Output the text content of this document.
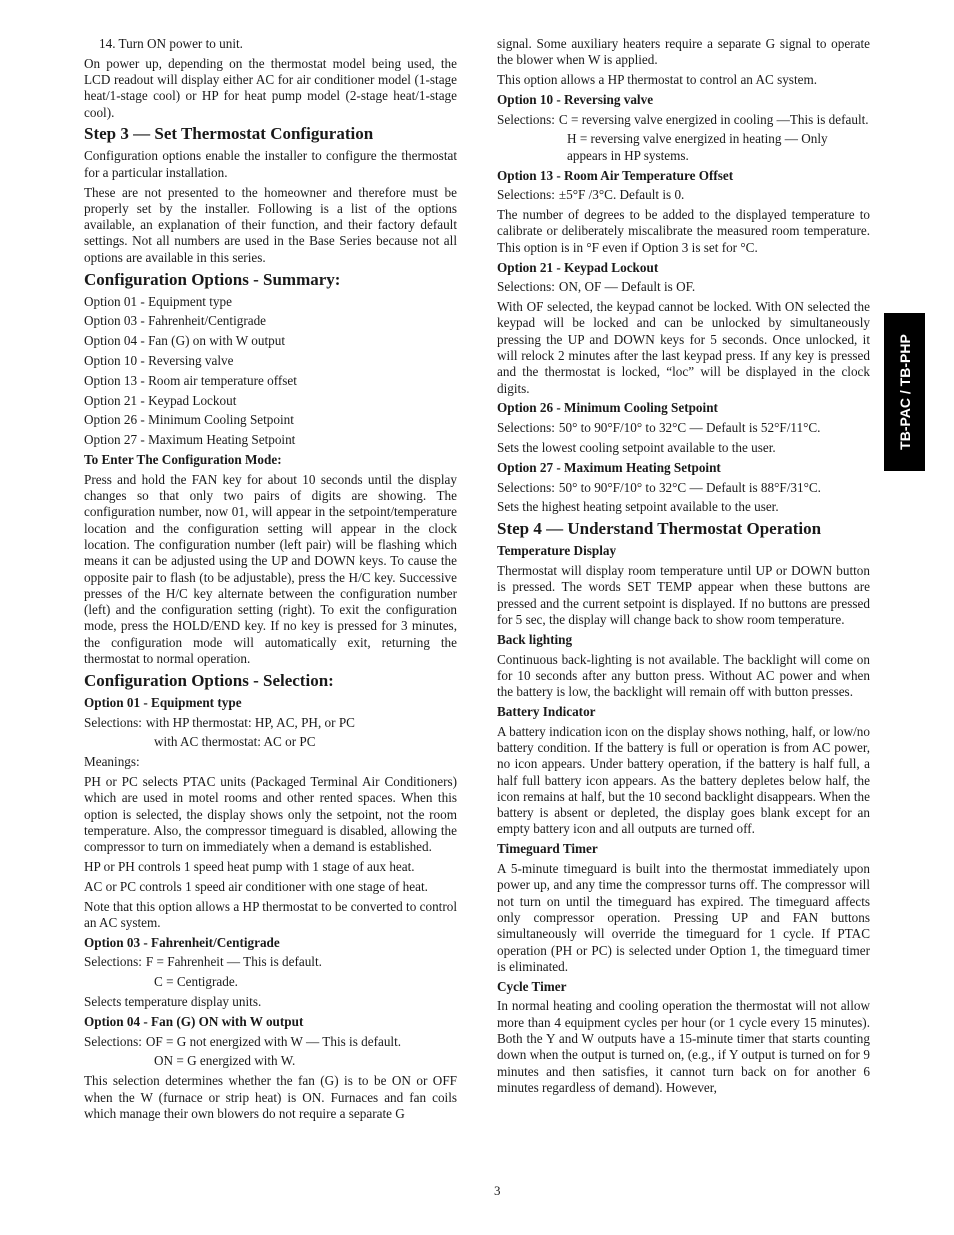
14. Turn ON power to unit.

On power up, depending on the thermostat model being used, the LCD readout will display either AC for air conditioner model (1‑stage heat/1‑stage cool) or HP for heat pump model (2‑stage heat/1‑stage cool).

Step 3 — Set Thermostat Configuration

Configuration options enable the installer to configure the thermostat for a particular installation.

These are not presented to the homeowner and therefore must be properly set by the installer. Following is a list of the options available, an explanation of their function, and their factory default settings. Not all numbers are used in the Base Series because not all options are available in this series.

Configuration Options ‑ Summary:
Option 01 ‑ Equipment type
Option 03 ‑ Fahrenheit/Centigrade
Option 04 ‑ Fan (G) on with W output
Option 10 ‑ Reversing valve
Option 13 ‑ Room air temperature offset
Option 21 ‑ Keypad Lockout
Option 26 ‑ Minimum Cooling Setpoint
Option 27 ‑ Maximum Heating Setpoint
To Enter The Configuration Mode:

Press and hold the FAN key for about 10 seconds until the display changes so that only two pairs of digits are showing. The configuration number, now 01, will appear in the setpoint/temperature location and the configuration setting will appear in the clock location. The configuration number (left pair) will be flashing which means it can be adjusted using the UP and DOWN keys. To cause the opposite pair to flash (to be adjustable), press the H/C key. Successive presses of the H/C key alternate between the configuration number (left) and the configuration setting (right). To exit the configuration mode, press the HOLD/END key. If no key is pressed for 3 minutes, the configuration mode will automatically exit, returning the thermostat to normal operation.

Configuration Options ‑ Selection:
Option 01 ‑ Equipment type
Selections: with HP thermostat: HP, AC, PH, or PC
with AC thermostat: AC or PC

Meanings:

PH or PC selects PTAC units (Packaged Terminal Air Conditioners) which are used in motel rooms and other rented spaces. When this option is selected, the display shows only the setpoint, not the room temperature. Also, the compressor timeguard is disabled, allowing the compressor to turn on immediately when a demand is established.

HP or PH controls 1 speed heat pump with 1 stage of aux heat.

AC or PC controls 1 speed air conditioner with one stage of heat.

Note that this option allows a HP thermostat to be converted to control an AC system.

Option 03 ‑ Fahrenheit/Centigrade
Selections: F = Fahrenheit — This is default.
C = Centigrade.

Selects temperature display units.

Option 04 ‑ Fan (G) ON with W output
Selections: OF = G not energized with W — This is default.
ON = G energized with W.

This selection determines whether the fan (G) is to be ON or OFF when the W (furnace or strip heat) is ON. Furnaces and fan coils which manage their own blowers do not require a separate G

signal. Some auxiliary heaters require a separate G signal to operate the blower when W is applied.

This option allows a HP thermostat to control an AC system.

Option 10 ‑ Reversing valve
Selections: C = reversing valve energized in cooling —This is default.
H = reversing valve energized in heating — Only appears in HP systems.
Option 13 ‑ Room Air Temperature Offset
Selections: ±5°F /3°C. Default is 0.

The number of degrees to be added to the displayed temperature to calibrate or deliberately miscalibrate the measured room temperature. This option is in °F even if Option 3 is set for °C.

Option 21 ‑ Keypad Lockout
Selections: ON, OF — Default is OF.

With OF selected, the keypad cannot be locked. With ON selected the keypad will be locked and can be unlocked by simultaneously pressing the UP and DOWN keys for 5 seconds. Once unlocked, it will relock 2 minutes after the last keypad press. If any key is pressed and the thermostat is locked, “loc” will be displayed in the clock digits.

Option 26 ‑ Minimum Cooling Setpoint
Selections: 50° to 90°F/10° to 32°C — Default is 52°F/11°C.

Sets the lowest cooling setpoint available to the user.

Option 27 ‑ Maximum Heating Setpoint
Selections: 50° to 90°F/10° to 32°C — Default is 88°F/31°C.

Sets the highest heating setpoint available to the user.

Step 4 — Understand Thermostat Operation
Temperature Display

Thermostat will display room temperature until UP or DOWN button is pressed. The words SET TEMP appear when these buttons are pressed and the current setpoint is displayed. If no buttons are pressed for 5 sec, the display will change back to show room temperature.

Back lighting

Continuous back‑lighting is not available. The backlight will come on for 10 seconds after any button press. Without AC power and when the battery is low, the backlight will remain off with button presses.

Battery Indicator

A battery indication icon on the display shows nothing, half, or low/no battery condition. If the battery is full or operation is from AC power, no icon appears. Under battery operation, if the battery is half full, a half full battery icon appears. As the battery depletes below half, the icon remains at half, but the 10 second backlight disappears. When the battery is absent or depleted, the display goes blank except for an empty battery icon and all outputs are turned off.

Timeguard Timer

A 5‑minute timeguard is built into the thermostat immediately upon power up, and any time the compressor turns off. The compressor will not turn on until the timeguard has expired. The timeguard affects only compressor operation. Pressing UP and FAN buttons simultaneously will override the timeguard for 1 cycle. If PTAC operation (PH or PC) is selected under Option 1, the timeguard timer is eliminated.

Cycle Timer

In normal heating and cooling operation the thermostat will not allow more than 4 equipment cycles per hour (or 1 cycle every 15 minutes). Both the Y and W outputs have a 15‑minute timer that starts counting down when the output is turned on, (e.g., if Y output is turned on for 9 minutes and then satisfies, it cannot turn back on for another 6 minutes regardless of demand). However,

TB‑PAC / TB‑PHP
3
